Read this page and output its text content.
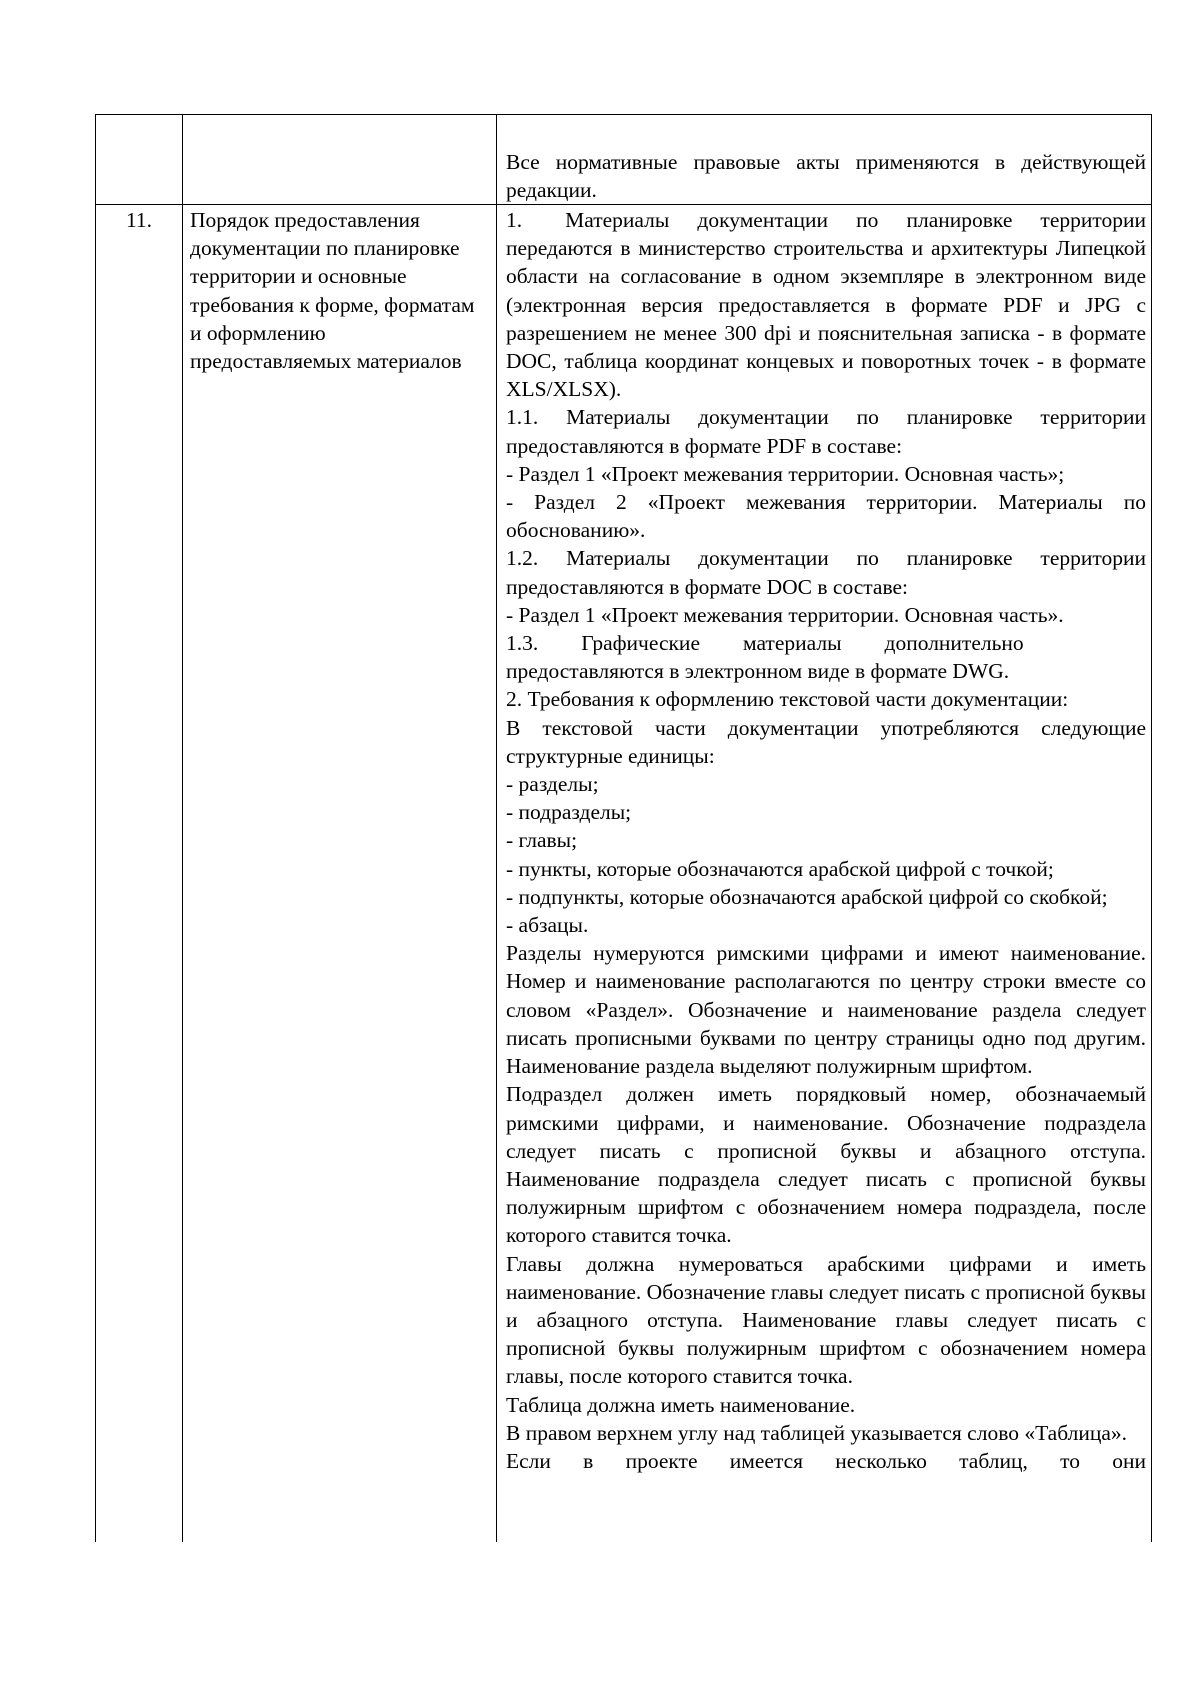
Все нормативные правовые акты применяются в действующей редакции.

11.	Порядок предоставления документации по планировке территории и основные требования к форме, форматам и оформлению предоставляемых материалов

1.  Материалы документации по планировке территории передаются в министерство строительства и архитектуры Липецкой области на согласование в одном экземпляре в электронном виде (электронная версия предоставляется в формате PDF и JPG с разрешением не менее 300 dpi и пояснительная записка - в формате DOC, таблица координат концевых и поворотных точек - в формате XLS/XLSX).

1.1. Материалы документации по планировке территории предоставляются в формате PDF в составе:

- Раздел 1 «Проект межевания территории. Основная часть»;

- Раздел 2 «Проект межевания территории. Материалы по обоснованию».

1.2. Материалы документации по планировке территории предоставляются в формате DOC в составе:

- Раздел 1 «Проект межевания территории. Основная часть».

1.3.  Графические  материалы  дополнительно предоставляются в электронном виде в формате DWG.

2. Требования к оформлению текстовой части документации:

В текстовой части документации употребляются следующие структурные единицы:

- разделы;

- подразделы;

- главы;

- пункты, которые обозначаются арабской цифрой с точкой;

- подпункты, которые обозначаются арабской цифрой со скобкой;

- абзацы.

Разделы нумеруются римскими цифрами и имеют наименование. Номер и наименование располагаются по центру строки вместе со словом «Раздел». Обозначение и наименование раздела следует писать прописными буквами по центру страницы одно под другим. Наименование раздела выделяют полужирным шрифтом.

Подраздел должен иметь порядковый номер, обозначаемый римскими цифрами, и наименование. Обозначение подраздела следует писать с прописной буквы и абзацного отступа. Наименование подраздела следует писать с прописной буквы полужирным шрифтом с обозначением номера подраздела, после которого ставится точка.

Главы должна нумероваться арабскими цифрами и иметь наименование. Обозначение главы следует писать с прописной буквы и абзацного отступа. Наименование главы следует писать с прописной буквы полужирным шрифтом с обозначением номера главы, после которого ставится точка.

Таблица должна иметь наименование.

В правом верхнем углу над таблицей указывается слово «Таблица».

Если в проекте имеется несколько таблиц, то они
